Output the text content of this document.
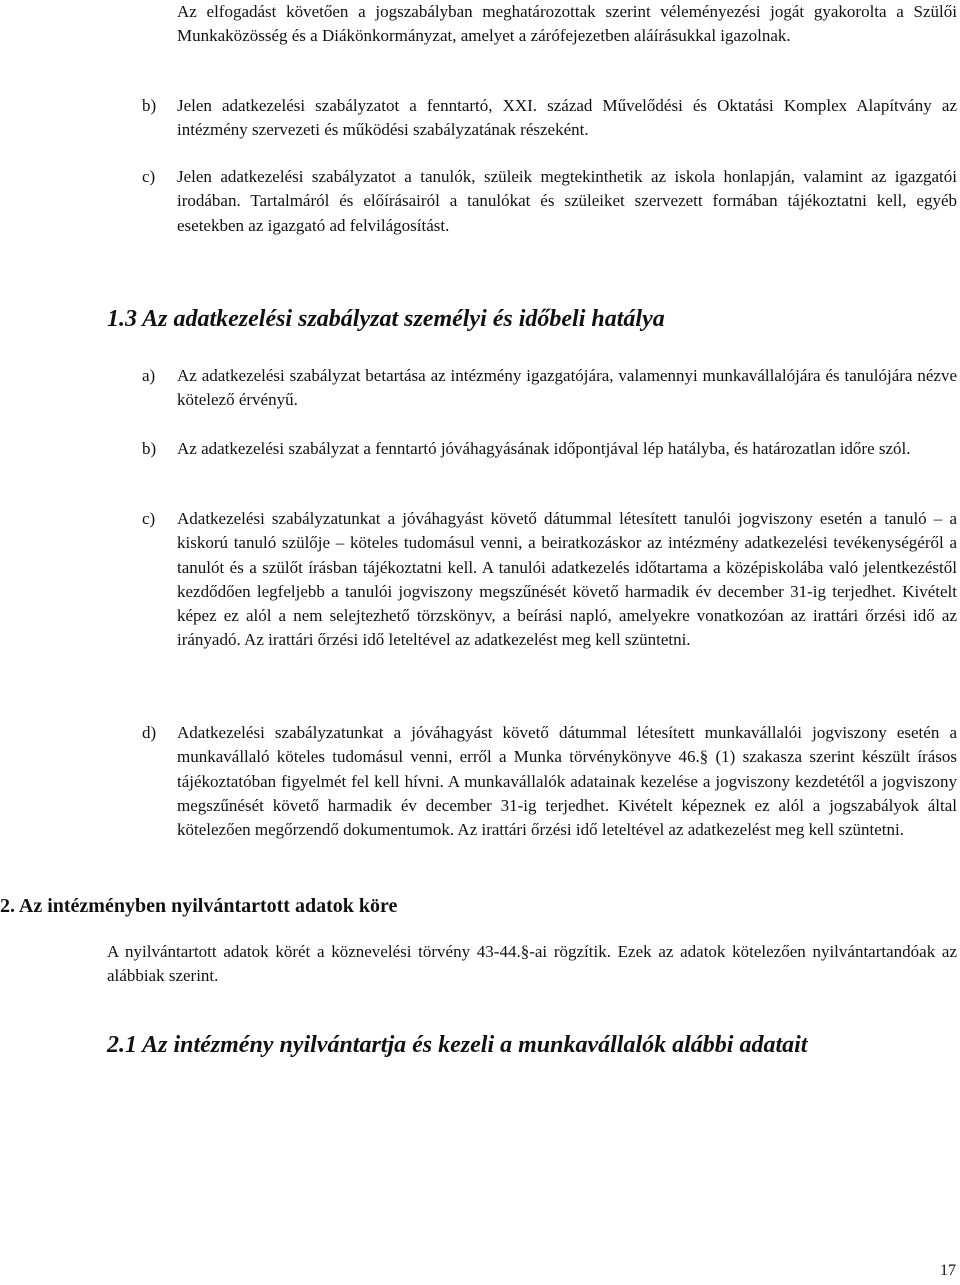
Az elfogadást követően a jogszabályban meghatározottak szerint véleményezési jogát gyakorolta a Szülői Munkaközösség és a Diákönkormányzat, amelyet a zárófejezetben aláírásukkal igazolnak.

b) Jelen adatkezelési szabályzatot a fenntartó, XXI. század Művelődési és Oktatási Komplex Alapítvány az intézmény szervezeti és működési szabályzatának részeként.
c) Jelen adatkezelési szabályzatot a tanulók, szüleik megtekinthetik az iskola honlapján, valamint az igazgatói irodában. Tartalmáról és előírásairól a tanulókat és szüleiket szervezett formában tájékoztatni kell, egyéb esetekben az igazgató ad felvilágosítást.
1.3 Az adatkezelési szabályzat személyi és időbeli hatálya
a) Az adatkezelési szabályzat betartása az intézmény igazgatójára, valamennyi munkavállalójára és tanulójára nézve kötelező érvényű.
b) Az adatkezelési szabályzat a fenntartó jóváhagyásának időpontjával lép hatályba, és határozatlan időre szól.
c) Adatkezelési szabályzatunkat a jóváhagyást követő dátummal létesített tanulói jogviszony esetén a tanuló – a kiskorú tanuló szülője – köteles tudomásul venni, a beiratkozáskor az intézmény adatkezelési tevékenységéről a tanulót és a szülőt írásban tájékoztatni kell. A tanulói adatkezelés időtartama a középiskolába való jelentkezéstől kezdődően legfeljebb a tanulói jogviszony megszűnését követő harmadik év december 31-ig terjedhet. Kivételt képez ez alól a nem selejtezhető törzskönyv, a beírási napló, amelyekre vonatkozóan az irattári őrzési idő az irányadó. Az irattári őrzési idő leteltével az adatkezelést meg kell szüntetni.
d) Adatkezelési szabályzatunkat a jóváhagyást követő dátummal létesített munkavállalói jogviszony esetén a munkavállaló köteles tudomásul venni, erről a Munka törvénykönyve 46.§ (1) szakasza szerint készült írásos tájékoztatóban figyelmét fel kell hívni. A munkavállalók adatainak kezelése a jogviszony kezdetétől a jogviszony megszűnését követő harmadik év december 31-ig terjedhet. Kivételt képeznek ez alól a jogszabályok által kötelezően megőrzendő dokumentumok. Az irattári őrzési idő leteltével az adatkezelést meg kell szüntetni.
2. Az intézményben nyilvántartott adatok köre

A nyilvántartott adatok körét a köznevelési törvény 43-44.§-ai rögzítik. Ezek az adatok kötelezően nyilvántartandóak az alábbiak szerint.

2.1 Az intézmény nyilvántartja és kezeli a munkavállalók alábbi adatait
17
